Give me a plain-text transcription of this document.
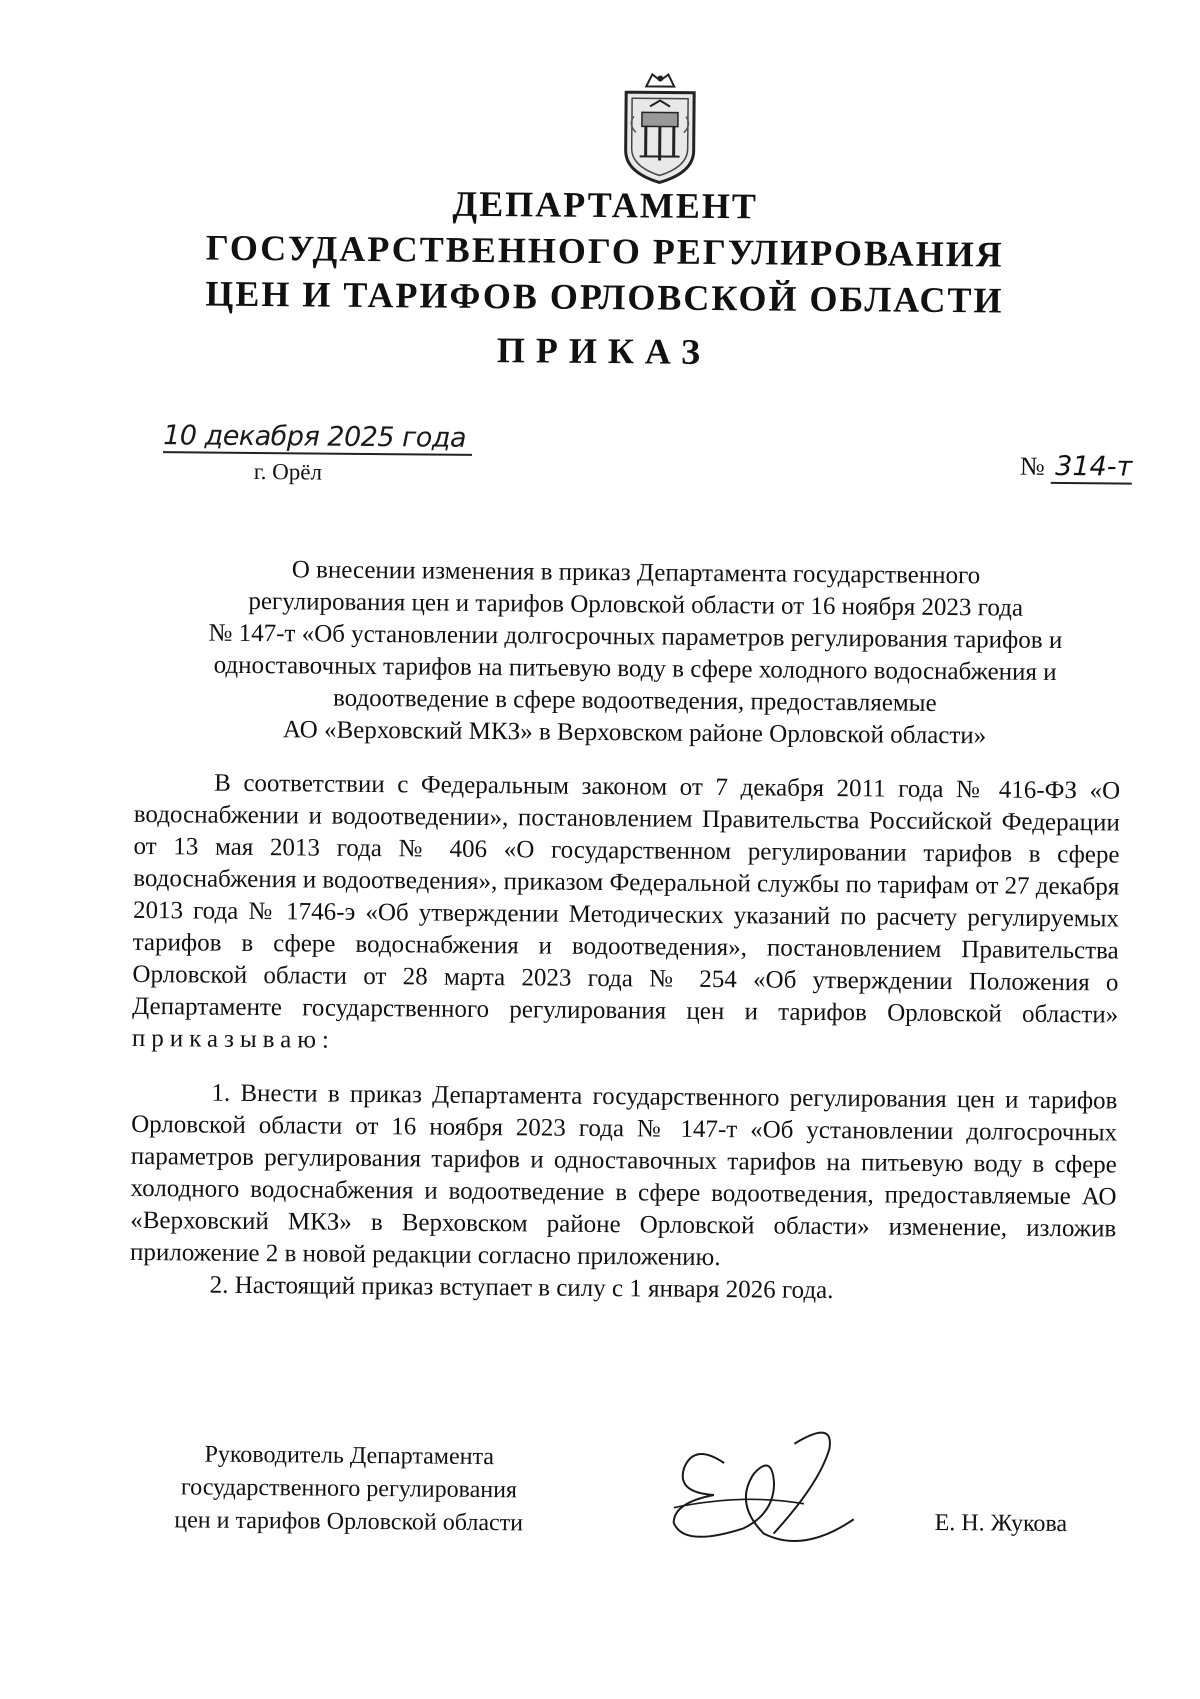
ДЕПАРТАМЕНТ
ГОСУДАРСТВЕННОГО РЕГУЛИРОВАНИЯ
ЦЕН И ТАРИФОВ ОРЛОВСКОЙ ОБЛАСТИ
ПРИКАЗ
10 декабря 2025 года
г. Орёл	№ 314-т
О внесении изменения в приказ Департамента государственного
регулирования цен и тарифов Орловской области от 16 ноября 2023 года
№ 147-т «Об установлении долгосрочных параметров регулирования тарифов и
одноставочных тарифов на питьевую воду в сфере холодного водоснабжения и
водоотведение в сфере водоотведения, предоставляемые
АО «Верховский МКЗ» в Верховском районе Орловской области»

В соответствии с Федеральным законом от 7 декабря 2011 года № 416-ФЗ «О водоснабжении и водоотведении», постановлением Правительства Российской Федерации от 13 мая 2013 года № 406 «О государственном регулировании тарифов в сфере водоснабжения и водоотведения», приказом Федеральной службы по тарифам от 27 декабря 2013 года № 1746-э «Об утверждении Методических указаний по расчету регулируемых тарифов в сфере водоснабжения и водоотведения», постановлением Правительства Орловской области от 28 марта 2023 года № 254 «Об утверждении Положения о Департаменте государственного регулирования цен и тарифов Орловской области» приказываю:

1. Внести в приказ Департамента государственного регулирования цен и тарифов Орловской области от 16 ноября 2023 года № 147-т «Об установлении долгосрочных параметров регулирования тарифов и одноставочных тарифов на питьевую воду в сфере холодного водоснабжения и водоотведение в сфере водоотведения, предоставляемые АО «Верховский МКЗ» в Верховском районе Орловской области» изменение, изложив приложение 2 в новой редакции согласно приложению.

2. Настоящий приказ вступает в силу с 1 января 2026 года.

Руководитель Департамента
государственного регулирования
цен и тарифов Орловской области	Е. Н. Жукова
